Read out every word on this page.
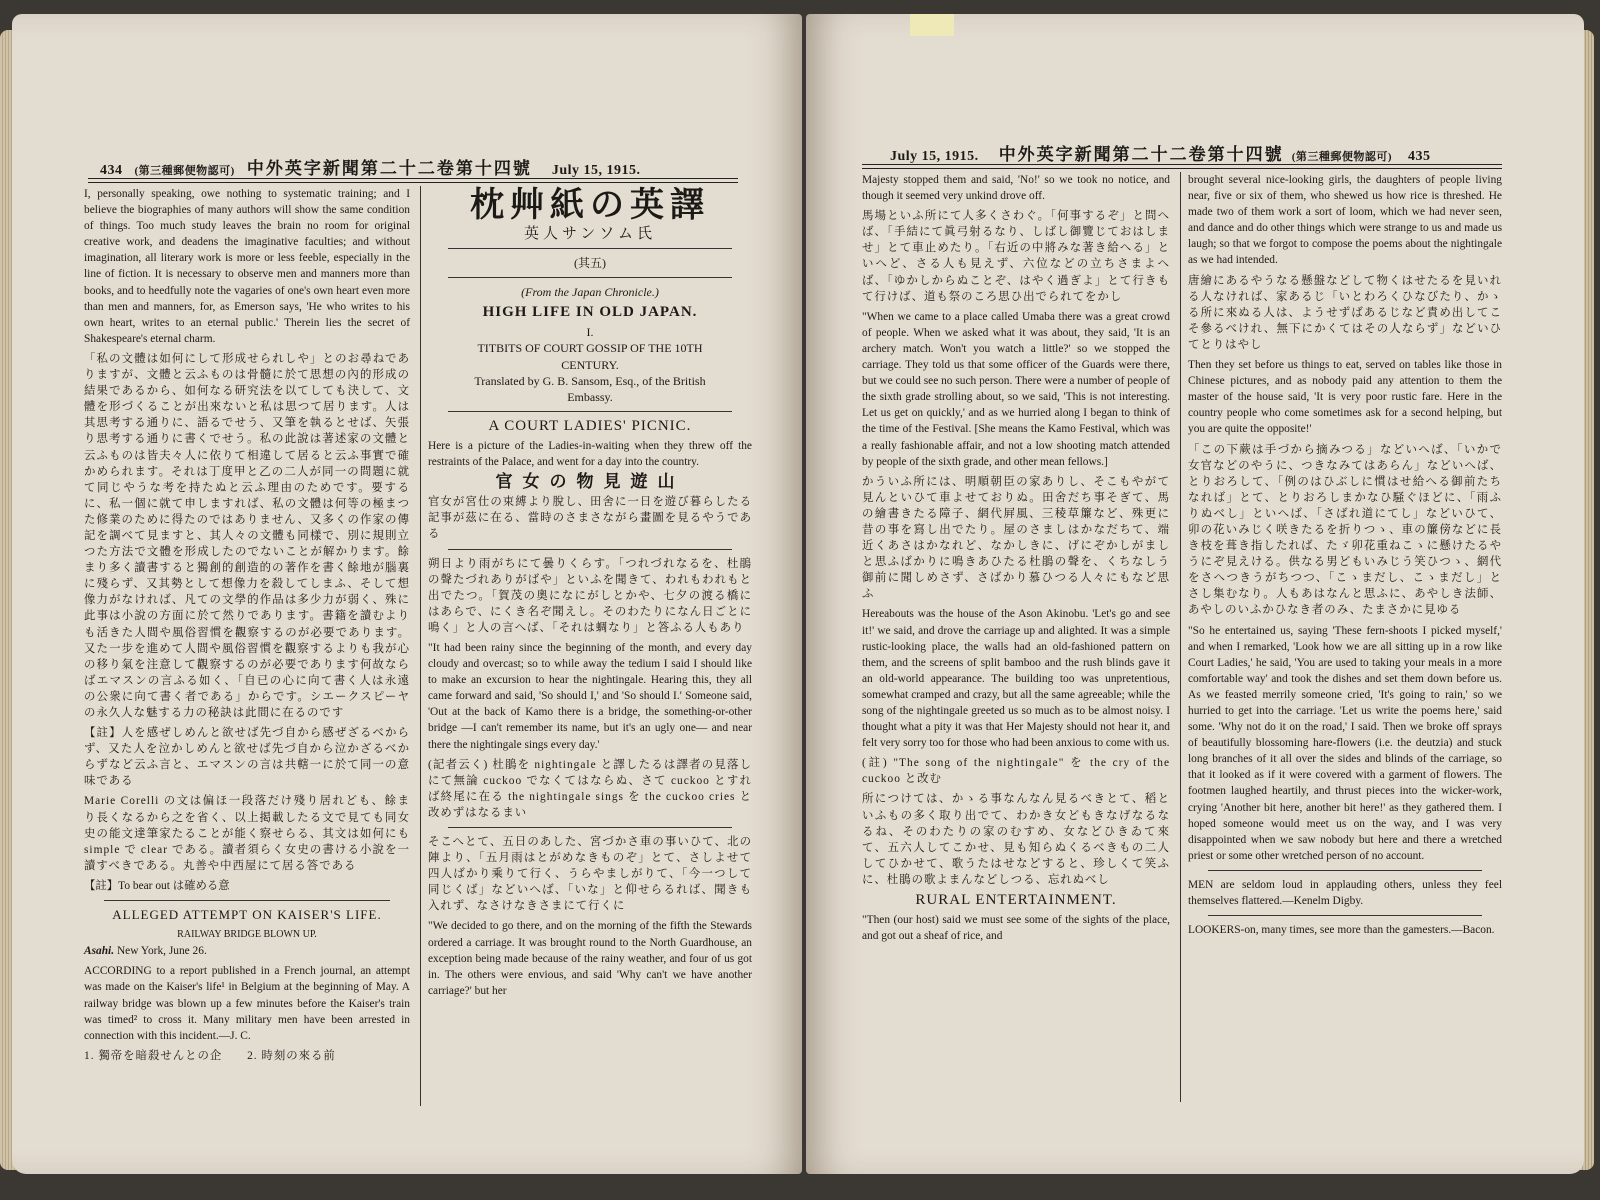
434 (第三種郵便物認可) 中外英字新聞第二十二卷第十四號 July 15, 1915.

I, personally speaking, owe nothing to systematic training; and I believe the biographies of many authors will show the same condition of things. Too much study leaves the brain no room for original creative work, and deadens the imaginative faculties; and without imagination, all literary work is more or less feeble, especially in the line of fiction. It is necessary to observe men and manners more than books, and to heedfully note the vagaries of one's own heart even more than men and manners, for, as Emerson says, 'He who writes to his own heart, writes to an eternal public.' Therein lies the secret of Shakespeare's eternal charm.

「私の文體は如何にして形成せられしや」とのお尋ねでありますが、文體と云ふものは骨髓に於て思想の內的形成の結果であるから、如何なる研究法を以てしても決して、文體を形づくることが出來ないと私は思つて居ります。人は其思考する通りに、語るでせう、又筆を執るとせば、矢張り思考する通りに書くでせう。私の此說は著述家の文體と云ふものは皆夫々人に依りて相違して居ると云ふ事實で確かめられます。それは丁度甲と乙の二人が同一の問題に就て同じやうな考を持たぬと云ふ理由のためです。要するに、私一個に就て申しますれば、私の文體は何等の極まつた修業のために得たのではありません、又多くの作家の傳記を調べて見ますと、其人々の文體も同樣で、別に規則立つた方法で文體を形成したのでないことが解かります。餘まり多く讀書すると獨創的創造的の著作を書く餘地が腦裏に殘らず、又其勢として想像力を殺してしまふ、そして想像力がなければ、凡ての文學的作品は多少力が弱く、殊に此事は小說の方面に於て然りであります。書籍を讀むよりも活きた人間や風俗習慣を觀察するのが必要であります。又た一步を進めて人間や風俗習慣を觀察するよりも我が心の移り氣を注意して觀察するのが必要であります何故ならばエマスンの言ふる如く、「自已の心に向て書く人は永遠の公衆に向て書く者である」からです。シエークスピーヤの永久人な魅する力の秘訣は此間に在るのです

【註】人を感ぜしめんと欲せば先づ自から感ぜざるべからず、又た人を泣かしめんと欲せば先づ自から泣かざるべからずなど云ふ言と、エマスンの言は共轄一に於て同一の意味である

Marie Corelli の文は偏ほ一段落だけ殘り居れども、餘まり長くなるから之を省く、以上掲載したる文で見ても同女史の能文達筆家たることが能く察せらる、其文は如何にも simple で clear である。讀者須らく女史の書ける小說を一讀すべきである。丸善や中西屋にて居る答である

【註】To bear out は確める意

ALLEGED ATTEMPT ON KAISER'S LIFE.
RAILWAY BRIDGE BLOWN UP.

Asahi. New York, June 26.

ACCORDING to a report published in a French journal, an attempt was made on the Kaiser's life¹ in Belgium at the beginning of May. A railway bridge was blown up a few minutes before the Kaiser's train was timed² to cross it. Many military men have been arrested in connection with this incident.—J. C.

1. 獨帝を暗殺せんとの企　　2. 時刻の來る前

枕艸紙の英譯
英人サンソム氏
(其五)
(From the Japan Chronicle.)
HIGH LIFE IN OLD JAPAN.
I.
TITBITS OF COURT GOSSIP OF THE 10TH CENTURY.
Translated by G. B. Sansom, Esq., of the British Embassy.
A COURT LADIES' PICNIC.

Here is a picture of the Ladies-in-waiting when they threw off the restraints of the Palace, and went for a day into the country.

官女の物見遊山

官女が宮仕の束縛より脫し、田舍に一日を遊び暮らしたる記事が茲に在る、當時のさまさながら畫圖を見るやうである

朔日より雨がちにて曇りくらす。「つれづれなるを、杜鵑の聲たづれありがばや」といふを聞きて、われもわれもと出でたつ。「賀茂の奧になにがしとかや、七夕の渡る橋にはあらで、にくき名ぞ聞えし。そのわたりになん日ごとに鳴く」と人の言へば、「それは蜩なり」と答ふる人もあり

"It had been rainy since the beginning of the month, and every day cloudy and overcast; so to while away the tedium I said I should like to make an excursion to hear the nightingale. Hearing this, they all came forward and said, 'So should I,' and 'So should I.' Someone said, 'Out at the back of Kamo there is a bridge, the something-or-other bridge —I can't remember its name, but it's an ugly one— and near there the nightingale sings every day.'

(記者云く) 杜鵑を nightingale と譯したるは譯者の見落しにて無論 cuckoo でなくてはならぬ、さて cuckoo とすれば終尾に在る the nightingale sings を the cuckoo cries と改めずはなるまい

そこへとて、五日のあした、宮づかさ車の事いひて、北の陣より、「五月雨はとがめなきものぞ」とて、さしよせて四人ばかり乘りて行く、うらやましがりて、「今一つして同じくば」などいへば、「いな」と仰せらるれば、聞きも入れず、なさけなきさまにて行くに

"We decided to go there, and on the morning of the fifth the Stewards ordered a carriage. It was brought round to the North Guardhouse, an exception being made because of the rainy weather, and four of us got in. The others were envious, and said 'Why can't we have another carriage?' but her

July 15, 1915. 中外英字新聞第二十二卷第十四號 (第三種郵便物認可) 435

Majesty stopped them and said, 'No!' so we took no notice, and though it seemed very unkind drove off.

馬場といふ所にて人多くさわぐ。「何事するぞ」と問へば、「手結にて眞弓射るなり、しばし御覽じておはしませ」とて車止めたり。「右近の中將みな著き給へる」といへど、さる人も見えず、六位などの立ちさまよへば、「ゆかしからぬことぞ、はやく過ぎよ」とて行きもて行けば、道も祭のころ思ひ出でられてをかし

"When we came to a place called Umaba there was a great crowd of people. When we asked what it was about, they said, 'It is an archery match. Won't you watch a little?' so we stopped the carriage. They told us that some officer of the Guards were there, but we could see no such person. There were a number of people of the sixth grade strolling about, so we said, 'This is not interesting. Let us get on quickly,' and as we hurried along I began to think of the time of the Festival. [She means the Kamo Festival, which was a really fashionable affair, and not a low shooting match attended by people of the sixth grade, and other mean fellows.]

かういふ所には、明順朝臣の家ありし、そこもやがて見んといひて車よせておりぬ。田舍だち事そぎて、馬の繪書きたる障子、網代屛風、三稜草簾など、殊更に昔の事を寫し出でたり。屋のさましはかなだちて、端近くあさはかなれど、なかしきに、げにぞかしがましと思ふばかりに鳴きあひたる杜鵑の聲を、くちなしう御前に聞しめさず、さばかり慕ひつる人々にもなど思ふ

Hereabouts was the house of the Ason Akinobu. 'Let's go and see it!' we said, and drove the carriage up and alighted. It was a simple rustic-looking place, the walls had an old-fashioned pattern on them, and the screens of split bamboo and the rush blinds gave it an old-world appearance. The building too was unpretentious, somewhat cramped and crazy, but all the same agreeable; while the song of the nightingale greeted us so much as to be almost noisy. I thought what a pity it was that Her Majesty should not hear it, and felt very sorry too for those who had been anxious to come with us.

(註) "The song of the nightingale" を the cry of the cuckoo と改む

所につけては、かゝる事なんなん見るべきとて、稻といふもの多く取り出でて、わかき女どもきなげなるなるね、そのわたりの家のむすめ、女などひきゐて來て、五六人してこかせ、見も知らぬくるべきもの二人してひかせて、歌うたはせなどすると、珍しくて笑ふに、杜鵑の歌よまんなどしつる、忘れぬべし

RURAL ENTERTAINMENT.

"Then (our host) said we must see some of the sights of the place, and got out a sheaf of rice, and

brought several nice-looking girls, the daughters of people living near, five or six of them, who shewed us how rice is threshed. He made two of them work a sort of loom, which we had never seen, and dance and do other things which were strange to us and made us laugh; so that we forgot to compose the poems about the nightingale as we had intended.

唐繪にあるやうなる懸盤などして物くはせたるを見いれる人なければ、家あるじ「いとわろくひなびたり、かゝる所に來ぬる人は、ようせずばあるじなど責め出してこそ參るべけれ、無下にかくてはその人ならず」などいひてとりはやし

Then they set before us things to eat, served on tables like those in Chinese pictures, and as nobody paid any attention to them the master of the house said, 'It is very poor rustic fare. Here in the country people who come sometimes ask for a second helping, but you are quite the opposite!'

「この下蕨は手づから摘みつる」などいへば、「いかで女官などのやうに、つきなみてはあらん」などいへば、とりおろして、「例のはひぶしに慣はせ給へる御前たちなれば」とて、とりおろしまかなひ騒ぐほどに、「雨ふりぬべし」といへば、「さばれ道にてし」などいひて、卯の花いみじく咲きたるを折りつゝ、車の簾傍などに長き枝を葺き指したれば、たゞ卯花重ねこゝに懸けたるやうにぞ見えける。供なる男どもいみじう笑ひつゝ、網代をさへつきうがちつつ、「こゝまだし、こゝまだし」とさし集むなり。人もあはなんと思ふに、あやしき法師、あやしのいふかひなき者のみ、たまさかに見ゆる

"So he entertained us, saying 'These fern-shoots I picked myself,' and when I remarked, 'Look how we are all sitting up in a row like Court Ladies,' he said, 'You are used to taking your meals in a more comfortable way' and took the dishes and set them down before us. As we feasted merrily someone cried, 'It's going to rain,' so we hurried to get into the carriage. 'Let us write the poems here,' said some. 'Why not do it on the road,' I said. Then we broke off sprays of beautifully blossoming hare-flowers (i.e. the deutzia) and stuck long branches of it all over the sides and blinds of the carriage, so that it looked as if it were covered with a garment of flowers. The footmen laughed heartily, and thrust pieces into the wicker-work, crying 'Another bit here, another bit here!' as they gathered them. I hoped someone would meet us on the way, and I was very disappointed when we saw nobody but here and there a wretched priest or some other wretched person of no account.

MEN are seldom loud in applauding others, unless they feel themselves flattered.—Kenelm Digby.

LOOKERS-on, many times, see more than the gamesters.—Bacon.
